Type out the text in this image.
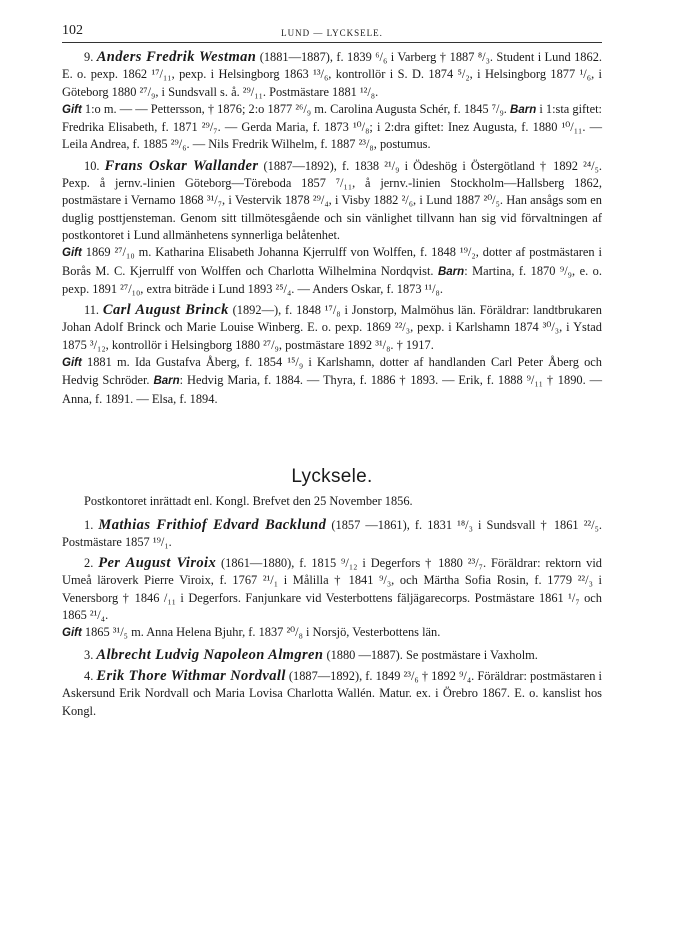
102	LUND — LYCKSELE.

9. Anders Fredrik Westman (1881—1887), f. 1839 ⁶/₆ i Varberg † 1887 ⁸/₃. Student i Lund 1862. E. o. pexp. 1862 ¹⁷/₁₁, pexp. i Helsingborg 1863 ¹³/₆, kontrollör i S. D. 1874 ⁵/₂, i Helsingborg 1877 ¹/₆, i Göteborg 1880 ²⁷/₉, i Sundsvall s. å. ²⁹/₁₁. Postmästare 1881 ¹²/₈.

Gift 1:o m. — — Pettersson, † 1876; 2:o 1877 ²⁶/₉ m. Carolina Augusta Schér, f. 1845 ⁷/₉. Barn i 1:sta giftet: Fredrika Elisabeth, f. 1871 ²⁹/₇. — Gerda Maria, f. 1873 ¹⁰/₈; i 2:dra giftet: Inez Augusta, f. 1880 ¹⁰/₁₁. — Leila Andrea, f. 1885 ²⁹/₆. — Nils Fredrik Wilhelm, f. 1887 ²³/₈, postumus.

10. Frans Oskar Wallander (1887—1892), f. 1838 ²¹/₉ i Ödeshög i Östergötland † 1892 ²⁴/₅. Pexp. å jernv.-linien Göteborg—Töreboda 1857 ⁷/₁₁, å jernv.-linien Stockholm—Hallsberg 1862, postmästare i Vernamo 1868 ³¹/₇, i Vestervik 1878 ²⁹/₄, i Visby 1882 ²/₆, i Lund 1887 ²⁰/₅. Han ansågs som en duglig posttjensteman. Genom sitt tillmötesgående och sin vänlighet tillvann han sig vid förvaltningen af postkontoret i Lund allmänhetens synnerliga belåtenhet.

Gift 1869 ²⁷/₁₀ m. Katharina Elisabeth Johanna Kjerrulff von Wolffen, f. 1848 ¹⁹/₂, dotter af postmästaren i Borås M. C. Kjerrulff von Wolffen och Charlotta Wilhelmina Nordqvist. Barn: Martina, f. 1870 ⁹/₉, e. o. pexp. 1891 ²⁷/₁₀, extra biträde i Lund 1893 ²⁵/₄. — Anders Oskar, f. 1873 ¹¹/₈.

11. Carl August Brinck (1892—), f. 1848 ¹⁷/₈ i Jonstorp, Malmöhus län. Föräldrar: landtbrukaren Johan Adolf Brinck och Marie Louise Winberg. E. o. pexp. 1869 ²²/₃, pexp. i Karlshamn 1874 ³⁰/₃, i Ystad 1875 ³/₁₂, kontrollör i Helsingborg 1880 ²⁷/₉, postmästare 1892 ³¹/₈. † 1917.

Gift 1881 m. Ida Gustafva Åberg, f. 1854 ¹⁵/₉ i Karlshamn, dotter af handlanden Carl Peter Åberg och Hedvig Schröder. Barn: Hedvig Maria, f. 1884. — Thyra, f. 1886 † 1893. — Erik, f. 1888 ⁹/₁₁ † 1890. — Anna, f. 1891. — Elsa, f. 1894.

Lycksele.

Postkontoret inrättadt enl. Kongl. Brefvet den 25 November 1856.

1. Mathias Frithiof Edvard Backlund (1857 —1861), f. 1831 ¹⁸/₃ i Sundsvall † 1861 ²²/₅. Postmästare 1857 ¹⁹/₁.

2. Per August Viroix (1861—1880), f. 1815 ⁹/₁₂ i Degerfors † 1880 ²³/₇. Föräldrar: rektorn vid Umeå läroverk Pierre Viroix, f. 1767 ²¹/₁ i Målilla † 1841 ⁹/₃, och Märtha Sofia Rosin, f. 1779 ²²/₃ i Venersborg † 1846 /₁₁ i Degerfors. Fanjunkare vid Vesterbottens fäljägarecorps. Postmästare 1861 ¹/₇ och 1865 ²¹/₄.

Gift 1865 ³¹/₅ m. Anna Helena Bjuhr, f. 1837 ²⁰/₈ i Norsjö, Vesterbottens län.

3. Albrecht Ludvig Napoleon Almgren (1880 —1887). Se postmästare i Vaxholm.

4. Erik Thore Withmar Nordvall (1887—1892), f. 1849 ²³/₆ † 1892 ⁹/₄. Föräldrar: postmästaren i Askersund Erik Nordvall och Maria Lovisa Charlotta Wallén. Matur. ex. i Örebro 1867. E. o. kanslist hos Kongl.
